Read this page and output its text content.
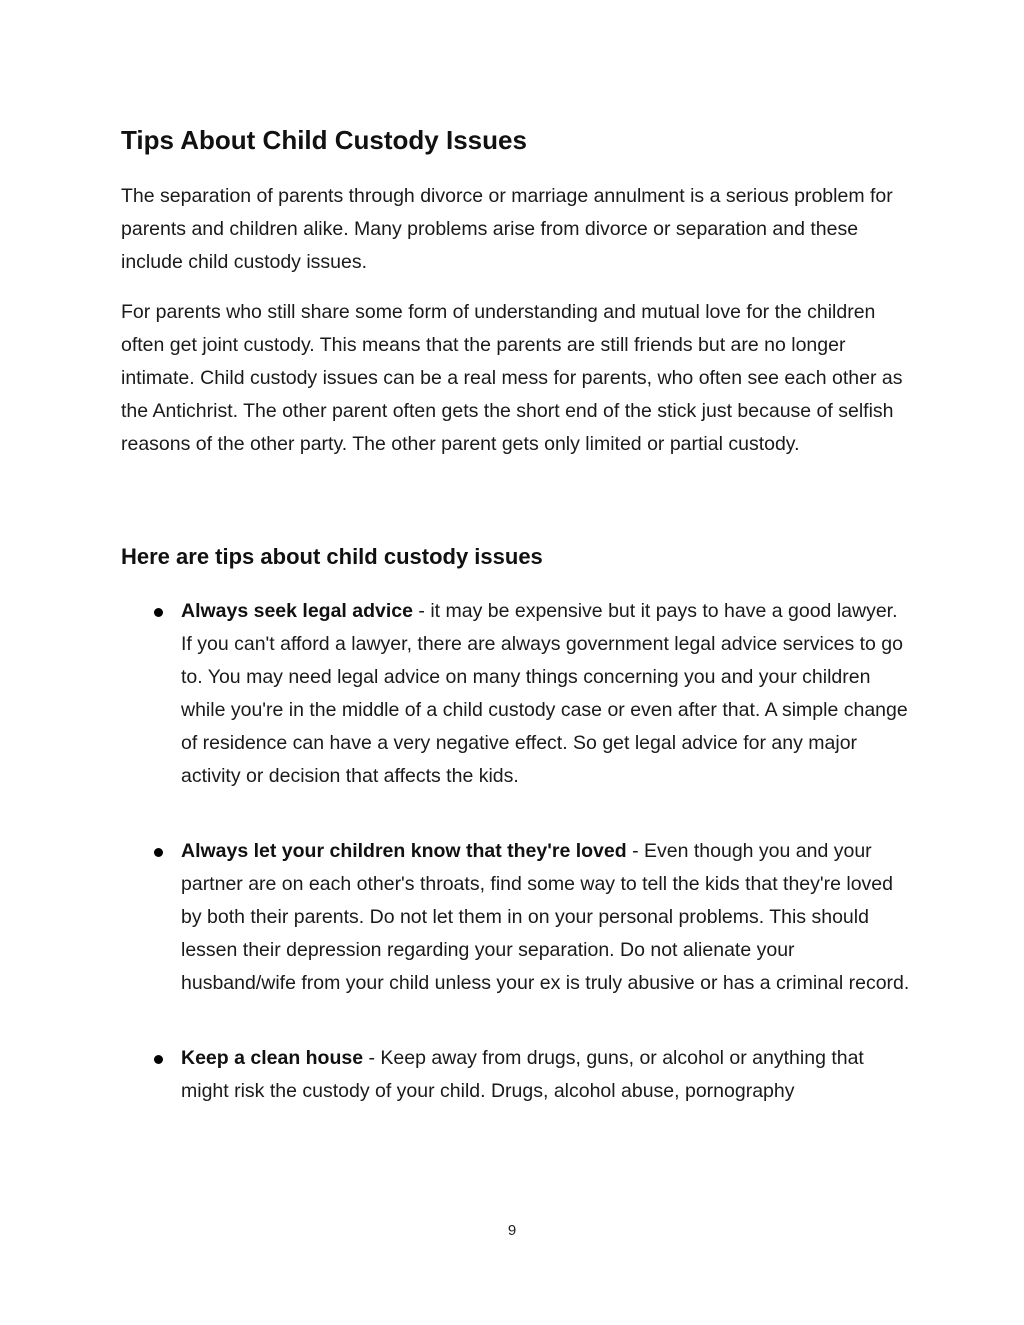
Tips About Child Custody Issues

The separation of parents through divorce or marriage annulment is a serious problem for parents and children alike. Many problems arise from divorce or separation and these include child custody issues.

For parents who still share some form of understanding and mutual love for the children often get joint custody. This means that the parents are still friends but are no longer intimate. Child custody issues can be a real mess for parents, who often see each other as the Antichrist. The other parent often gets the short end of the stick just because of selfish reasons of the other party. The other parent gets only limited or partial custody.

Here are tips about child custody issues
Always seek legal advice - it may be expensive but it pays to have a good lawyer. If you can't afford a lawyer, there are always government legal advice services to go to. You may need legal advice on many things concerning you and your children while you're in the middle of a child custody case or even after that. A simple change of residence can have a very negative effect. So get legal advice for any major activity or decision that affects the kids.
Always let your children know that they're loved - Even though you and your partner are on each other's throats, find some way to tell the kids that they're loved by both their parents. Do not let them in on your personal problems. This should lessen their depression regarding your separation. Do not alienate your husband/wife from your child unless your ex is truly abusive or has a criminal record.
Keep a clean house - Keep away from drugs, guns, or alcohol or anything that might risk the custody of your child. Drugs, alcohol abuse, pornography
9
